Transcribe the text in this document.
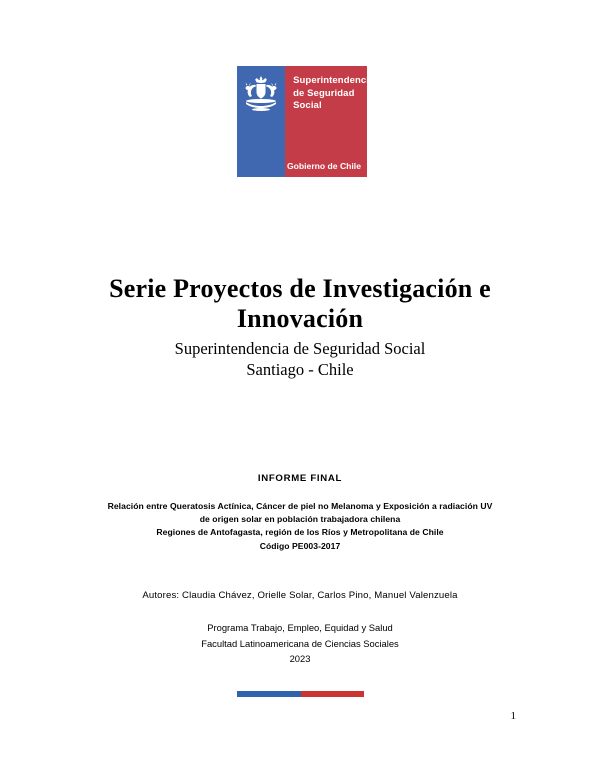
Superintendencia
de Seguridad
Social
Gobierno de Chile
Serie Proyectos de Investigación e Innovación
Superintendencia de Seguridad Social
Santiago - Chile
INFORME FINAL
Relación entre Queratosis Actínica, Cáncer de piel no Melanoma y Exposición a radiación UV
de origen solar en población trabajadora chilena
Regiones de Antofagasta, región de los Ríos y Metropolitana de Chile
Código PE003-2017
Autores: Claudia Chávez, Orielle Solar, Carlos Pino, Manuel Valenzuela
Programa Trabajo, Empleo, Equidad y Salud
Facultad Latinoamericana de Ciencias Sociales
2023
1
